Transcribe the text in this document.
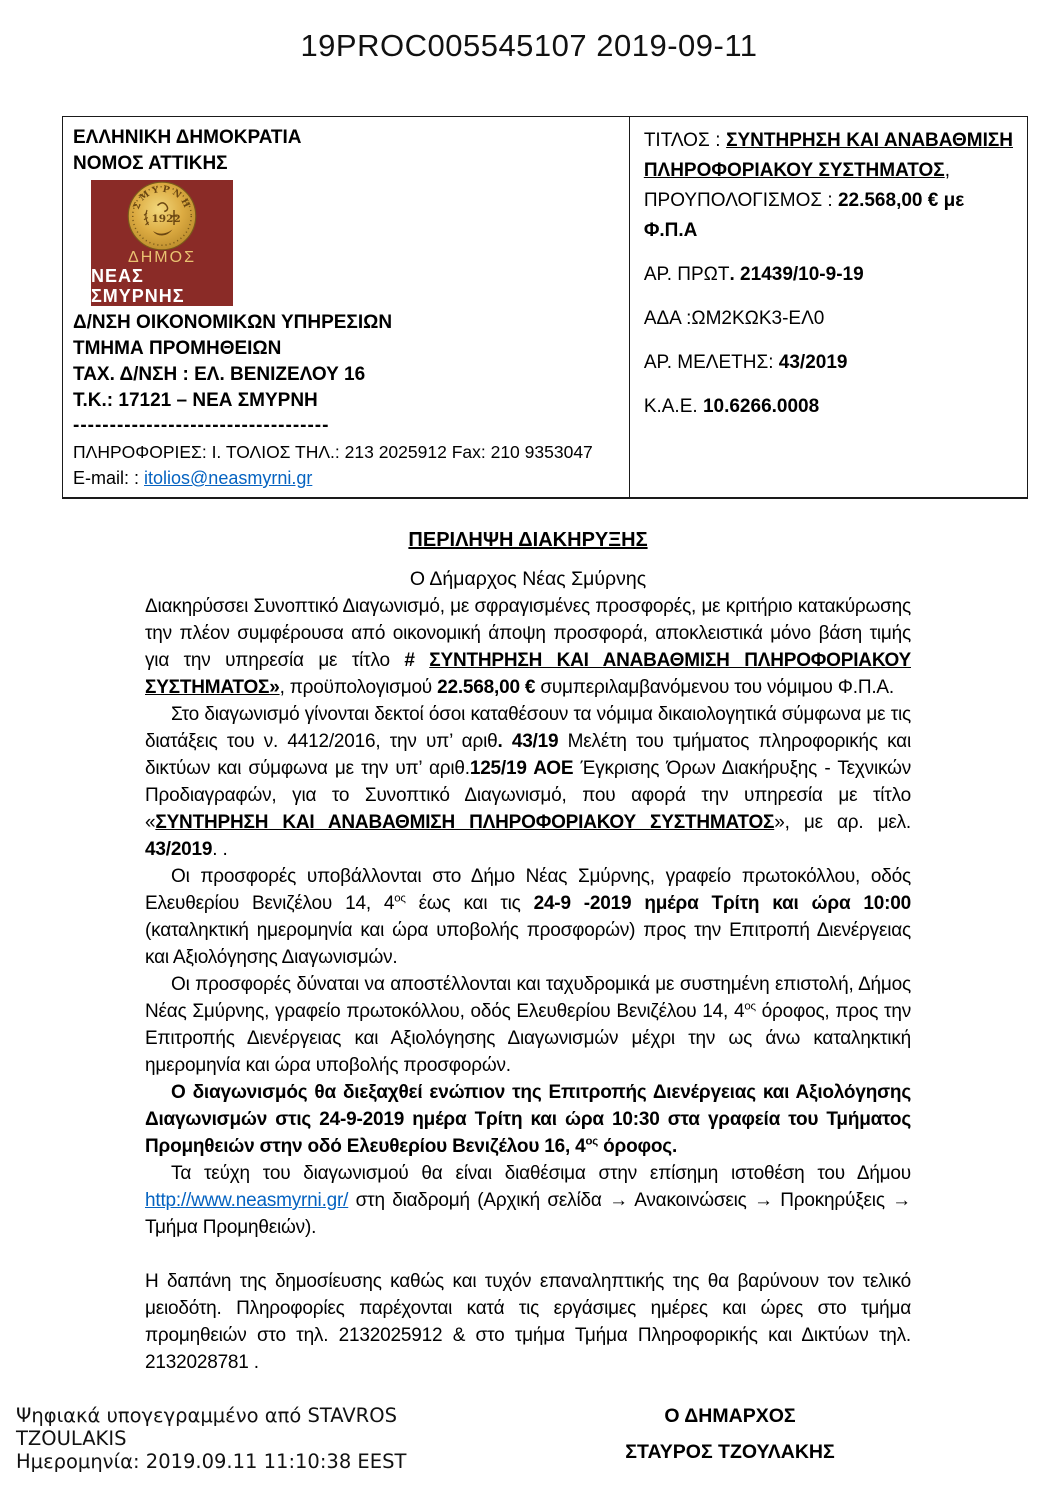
19PROC005545107 2019-09-11
ΕΛΛΗΝΙΚΗ ΔΗΜΟΚΡΑΤΙΑ
ΝΟΜΟΣ ΑΤΤΙΚΗΣ
ΣΜΥΡΝΗ
1922
ΔΗΜΟΣ
ΝΕΑΣ ΣΜΥΡΝΗΣ
Δ/ΝΣΗ ΟΙΚΟΝΟΜΙΚΩΝ ΥΠΗΡΕΣΙΩΝ
ΤΜΗΜΑ ΠΡΟΜΗΘΕΙΩΝ
ΤΑΧ. Δ/ΝΣΗ : ΕΛ. ΒΕΝΙΖΕΛΟΥ 16
Τ.Κ.: 17121 – ΝΕΑ ΣΜΥΡΝΗ
-----------------------------------
ΠΛΗΡΟΦΟΡΙΕΣ: Ι. ΤΟΛΙΟΣ ΤΗΛ.: 213 2025912 Fax: 210 9353047
E-mail: : itolios@neasmyrni.gr
ΤΙΤΛΟΣ : ΣΥΝΤΗΡΗΣΗ ΚΑΙ ΑΝΑΒΑΘΜΙΣΗ ΠΛΗΡΟΦΟΡΙΑΚΟΥ ΣΥΣΤΗΜΑΤΟΣ,
ΠΡΟΥΠΟΛΟΓΙΣΜΟΣ : 22.568,00 € με Φ.Π.Α
ΑΡ. ΠΡΩΤ. 21439/10-9-19
ΑΔΑ :ΩΜ2ΚΩΚ3-ΕΛ0
ΑΡ. ΜΕΛΕΤΗΣ: 43/2019
Κ.Α.Ε. 10.6266.0008
ΠΕΡΙΛΗΨΗ ΔΙΑΚΗΡΥΞΗΣ
Ο Δήμαρχος Νέας Σμύρνης

Διακηρύσσει Συνοπτικό Διαγωνισμό, με σφραγισμένες προσφορές, με κριτήριο κατακύρωσης την πλέον συμφέρουσα από οικονομική άποψη προσφορά, αποκλειστικά μόνο βάση τιμής για την υπηρεσία με τίτλο # ΣΥΝΤΗΡΗΣΗ ΚΑΙ ΑΝΑΒΑΘΜΙΣΗ ΠΛΗΡΟΦΟΡΙΑΚΟΥ ΣΥΣΤΗΜΑΤΟΣ», προϋπολογισμού 22.568,00 € συμπεριλαμβανόμενου του νόμιμου Φ.Π.Α.

Στο διαγωνισμό γίνονται δεκτοί όσοι καταθέσουν τα νόμιμα δικαιολογητικά σύμφωνα με τις διατάξεις του ν. 4412/2016, την υπ’ αριθ. 43/19 Μελέτη του τμήματος πληροφορικής και δικτύων και σύμφωνα με την υπ’ αριθ.125/19 ΑΟΕ Έγκρισης Όρων Διακήρυξης - Τεχνικών Προδιαγραφών, για το Συνοπτικό Διαγωνισμό, που αφορά την υπηρεσία με τίτλο «ΣΥΝΤΗΡΗΣΗ ΚΑΙ ΑΝΑΒΑΘΜΙΣΗ ΠΛΗΡΟΦΟΡΙΑΚΟΥ ΣΥΣΤΗΜΑΤΟΣ», με αρ. μελ. 43/2019. .

Οι προσφορές υποβάλλονται στο Δήμο Νέας Σμύρνης, γραφείο πρωτοκόλλου, οδός Ελευθερίου Βενιζέλου 14, $4^{o\varsigma}$ έως και τις 24-9 -2019 ημέρα Τρίτη και ώρα 10:00 (καταληκτική ημερομηνία και ώρα υποβολής προσφορών) προς την Επιτροπή Διενέργειας και Αξιολόγησης Διαγωνισμών.

Οι προσφορές δύναται να αποστέλλονται και ταχυδρομικά με συστημένη επιστολή, Δήμος Νέας Σμύρνης, γραφείο πρωτοκόλλου, οδός Ελευθερίου Βενιζέλου 14, $4^{o\varsigma}$ όροφος, προς την Επιτροπής Διενέργειας και Αξιολόγησης Διαγωνισμών μέχρι την ως άνω καταληκτική ημερομηνία και ώρα υποβολής προσφορών.

Ο διαγωνισμός θα διεξαχθεί ενώπιον της Επιτροπής Διενέργειας και Αξιολόγησης Διαγωνισμών στις 24-9-2019 ημέρα Τρίτη και ώρα 10:30 στα γραφεία του Τμήματος Προμηθειών στην οδό Ελευθερίου Βενιζέλου 16, $4^{o\varsigma}$ όροφος.

Τα τεύχη του διαγωνισμού θα είναι διαθέσιμα στην επίσημη ιστοθέση του Δήμου http://www.neasmyrni.gr/ στη διαδρομή (Αρχική σελίδα → Ανακοινώσεις → Προκηρύξεις → Τμήμα Προμηθειών).

Η δαπάνη της δημοσίευσης καθώς και τυχόν επαναληπτικής της θα βαρύνουν τον τελικό μειοδότη. Πληροφορίες παρέχονται κατά τις εργάσιμες ημέρες και ώρες στο τμήμα προμηθειών στο τηλ. 2132025912 & στο τμήμα Τμήμα Πληροφορικής και Δικτύων τηλ. 2132028781 .

Ο ΔΗΜΑΡΧΟΣ
ΣΤΑΥΡΟΣ ΤΖΟΥΛΑΚΗΣ
Ψηφιακά υπογεγραμμένο από STAVROS
TZOULAKIS
Ημερομηνία: 2019.09.11 11:10:38 EEST
